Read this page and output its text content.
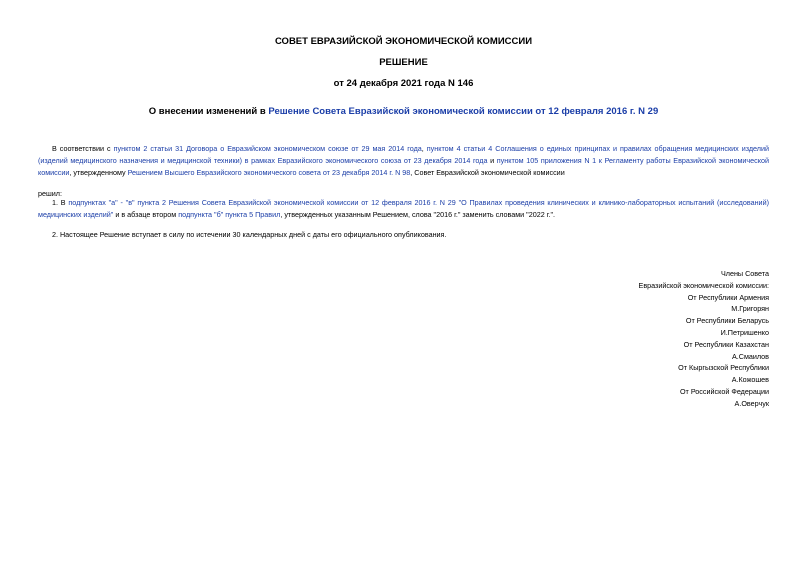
СОВЕТ ЕВРАЗИЙСКОЙ ЭКОНОМИЧЕСКОЙ КОМИССИИ
РЕШЕНИЕ
от 24 декабря 2021 года N 146
О внесении изменений в Решение Совета Евразийской экономической комиссии от 12 февраля 2016 г. N 29
В соответствии с пунктом 2 статьи 31 Договора о Евразийском экономическом союзе от 29 мая 2014 года, пунктом 4 статьи 4 Соглашения о единых принципах и правилах обращения медицинских изделий (изделий медицинского назначения и медицинской техники) в рамках Евразийского экономического союза от 23 декабря 2014 года и пунктом 105 приложения N 1 к Регламенту работы Евразийской экономической комиссии, утвержденному Решением Высшего Евразийского экономического совета от 23 декабря 2014 г. N 98, Совет Евразийской экономической комиссии
решил:
1. В подпунктах "а" - "в" пункта 2 Решения Совета Евразийской экономической комиссии от 12 февраля 2016 г. N 29 "О Правилах проведения клинических и клинико-лабораторных испытаний (исследований) медицинских изделий" и в абзаце втором подпункта "б" пункта 5 Правил, утвержденных указанным Решением, слова "2016 г." заменить словами "2022 г.".
2. Настоящее Решение вступает в силу по истечении 30 календарных дней с даты его официального опубликования.
Члены Совета
Евразийской экономической комиссии:
От Республики Армения
М.Григорян
От Республики Беларусь
И.Петришенко
От Республики Казахстан
А.Смаилов
От Кыргызской Республики
А.Кожошев
От Российской Федерации
А.Оверчук
